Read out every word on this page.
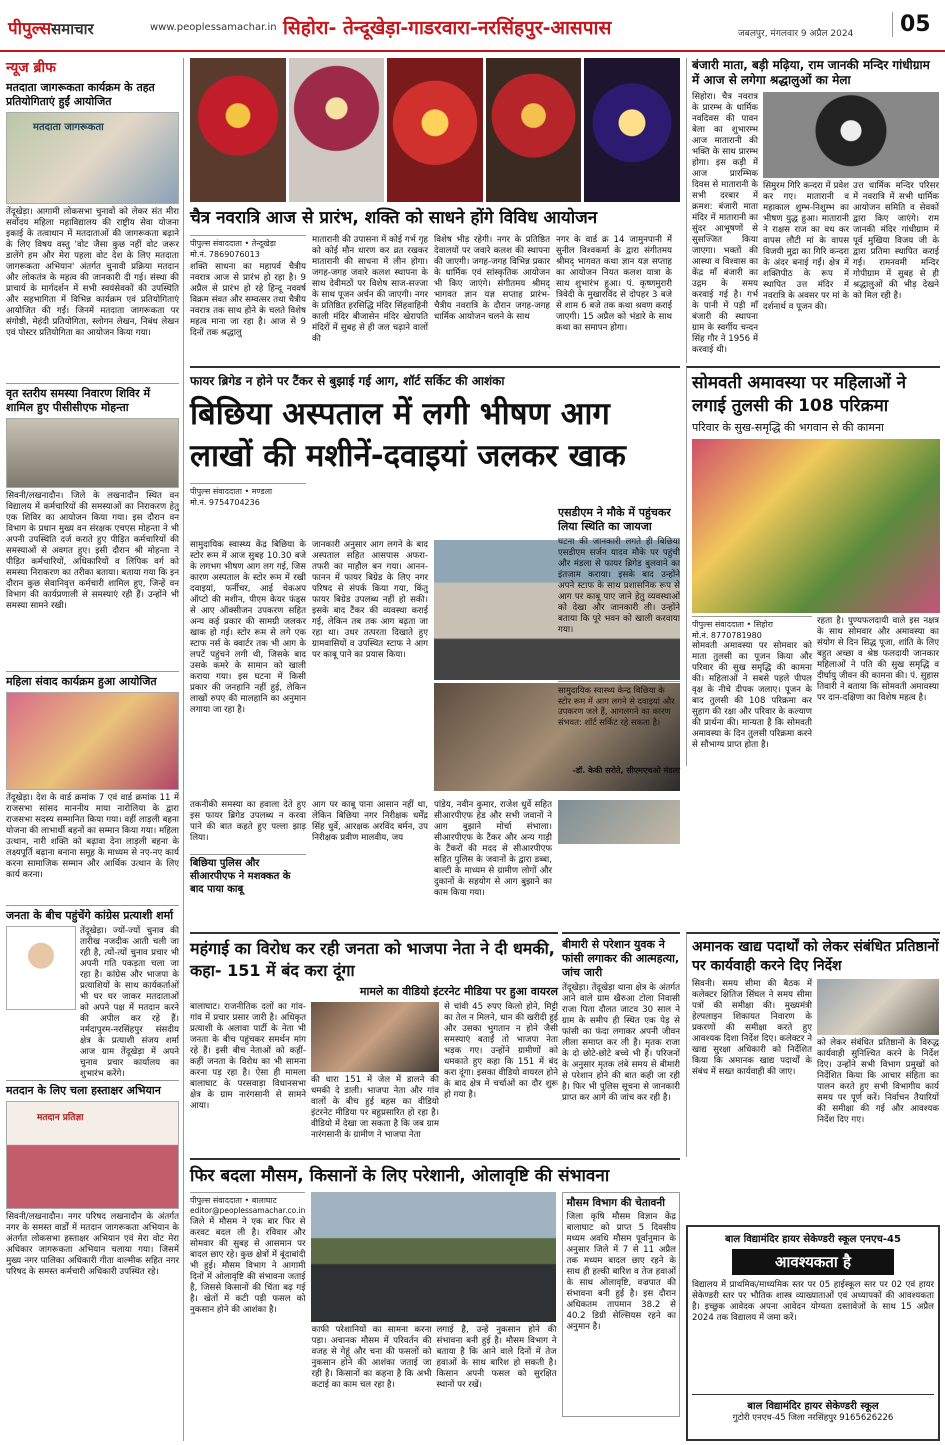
पीपुल्ससमाचार	www.peoplessamachar.in सिहोरा- तेन्दूखेड़ा-गाडरवारा-नरसिंहपुर-आसपास	जबलपुर, मंगलवार 9 अप्रैल 2024	05
न्यूज ब्रीफ
मतदाता जागरूकता कार्यक्रम के तहत प्रतियोगिताएं हुईं आयोजित
मतदाता जागरूकता

तेंदूखेड़ा। आगामी लोकसभा चुनावों को लेकर संत मीरा सर्वोदय महिला महाविद्यालय की राष्ट्रीय सेवा योजना इकाई के तत्वाधान में मतदाताओं की जागरूकता बढ़ाने के लिए विषय वस्तु 'वोट जैसा कुछ नहीं वोट जरूर डालेंगे हम और मेरा पहला वोट देश के लिए मतदाता जागरूकता अभियान' अंतर्गत चुनावी प्रक्रिया मतदान और लोकतंत्र के महत्व की जानकारी दी गई। संस्था की प्राचार्य के मार्गदर्शन में सभी स्वयंसेवकों की उपस्थिति और सहभागिता में विभिन्न कार्यक्रम एवं प्रतियोगिताएं आयोजित की गईं। जिनमें मतदाता जागरूकता पर संगोष्ठी, मेहंदी प्रतियोगिता, स्लोगन लेखन, निबंध लेखन एवं पोस्टर प्रतियोगिता का आयोजन किया गया।

वृत स्तरीय समस्या निवारण शिविर में शामिल हुए पीसीसीएफ मोहन्ता

सिवनी/लखनादौन। जिले के लखनादौन स्थित वन विद्यालय में कर्मचारियों की समस्याओं का निराकरण हेतु एक शिविर का आयोजन किया गया। इस दौरान वन विभाग के प्रधान मुख्य वन संरक्षक एचएस मोहन्ता ने भी अपनी उपस्थिति दर्ज कराते हुए पीड़ित कर्मचारियों की समस्याओं से अवगत हुए। इसी दौरान श्री मोहन्ता ने पीड़ित कर्मचारियों, अधिकारियों व लिपिक वर्ग को समस्या निराकरण का तरीका बताया। बताया गया कि इन दौरान कुछ सेवानिवृत्त कर्मचारी शामिल हुए, जिन्हें वन विभाग की कार्यप्रणाली से समस्याएं रही हैं। उन्होंने भी समस्या सामने रखी।

महिला संवाद कार्यक्रम हुआ आयोजित

तेंदूखेड़ा। देश के वार्ड क्रमांक 7 एवं वार्ड क्रमांक 11 में राजसभा सांसद माननीय माया नारोलिया के द्वारा राजसभा सदस्य सम्मानित किया गया। वहीं लाड़ली बहना योजना की लाभार्थी बहनों का सम्मान किया गया। महिला उत्थान, नारी शक्ति को बढ़ावा देना लाड़ली बहना के लक्ष्यपूर्ति बढ़ाना बनाना समूह के माध्यम से नए-नए कार्य करना सामाजिक सम्मान और आर्थिक उत्थान के लिए कार्य करना।

जनता के बीच पहुंचेंगे कांग्रेस प्रत्याशी शर्मा

तेंदूखेड़ा। ज्यों-ज्यों चुनाव की तारीख नजदीक आती चली जा रही है, त्यों-त्यों चुनाव प्रचार भी अपनी गति पकड़ता चला जा रहा है। कांग्रेस और भाजपा के प्रत्याशियों के साथ कार्यकर्ताओं भी घर घर जाकर मतदाताओं को अपने पक्ष में मतदान करने की अपील कर रहे हैं। नर्मदापुरम-नरसिंहपुर संसदीय क्षेत्र के प्रत्याशी संजय शर्मा आज ग्राम तेंदूखेड़ा में अपने चुनाव प्रचार कार्यालय का शुभारंभ करेंगे।

मतदान के लिए चला हस्ताक्षर अभियान
मतदान प्रतिज्ञा

सिवनी/लखनादौन। नगर परिषद लखनादौन के अंतर्गत नगर के समस्त वार्डों में मतदान जागरूकता अभियान के अंतर्गत लोकसभा हस्ताक्षर अभियान एवं मेरा वोट मेरा अधिकार जागरूकता अभियान चलाया गया। जिसमें मुख्य नगर पालिका अधिकारी गीता वाल्मीक सहित नगर परिषद के समस्त कर्मचारी अधिकारी उपस्थित रहे।

चैत्र नवरात्रि आज से प्रारंभ, शक्ति को साधने होंगे विविध आयोजन
पीपुल्स संवाददाता • तेन्दूखेड़ा
मो.नं. 7869076013

शक्ति साधना का महापर्व चैत्रीय नवरात्र आज से प्रारंभ हो रहा है। 9 अप्रैल से प्रारंभ हो रहे हिन्दू नववर्ष विक्रम संवत और सम्वत्सर तथा चैत्रीय नवरात्र तक साथ होने के चलते विशेष महत्व माना जा रहा है। आज से 9 दिनों तक श्रद्धालु

मातारानी की उपासना में कोई गर्भ गृह को कोई मौन धारण कर व्रत रखकर मातारानी की साधना में लीन होगा। जगह-जगह जवारे कलश स्थापना के साथ देवीमठों पर विशेष साज-सज्जा के साथ पूजन अर्चन की जाएगी। नगर के प्रतिष्ठित हरसिद्धि मंदिर सिंहवाहिनी काली मंदिर बीजासेन मंदिर खेरापति मंदिरों में सुबह से ही जल चढ़ाने वालों की

विशेष भीड़ रहेगी। नगर के प्रतिष्ठित देवालयों पर जवारे कलश की स्थापना की जाएगी। जगह-जगह विभिन्न प्रकार के धार्मिक एवं सांस्कृतिक आयोजन भी किए जाएंगे। संगीतमय श्रीमद् भागवत ज्ञान यज्ञ सप्ताह प्रारंभ- चैत्रीय नवरात्रि के दौरान जगह-जगह धार्मिक आयोजन चलने के साथ

नगर के वार्ड क्र 14 जामुनपानी में सुनील विश्वकर्मा के द्वारा संगीतमय श्रीमद् भागवत कथा ज्ञान यज्ञ सप्ताह का आयोजन नियत कलश यात्रा के साथ शुभारंभ हुआ। पं. कृष्णमुरारी त्रिवेदी के मुखारविंद से दोपहर 3 बजे से शाम 6 बजे तक कथा श्रवण कराई जाएगी। 15 अप्रैल को भंडारे के साथ कथा का समापन होगा।

बंजारी माता, बड़ी मढ़िया, राम जानकी मन्दिर गांधीग्राम में आज से लगेगा श्रद्धालुओं का मेला

सिहोरा। चैत्र नवरात्र के प्रारम्भ के धार्मिक नवदिवस की पावन बेला का शुभारम्भ आज मातारानी की भक्ति के साथ प्रारम्भ होगा। इस कड़ी में आज प्रारम्भिक दिवस से मातारानी के सभी दरबार में क्रमश: बंजारी माता मंदिर में मातारानी का सुंदर आभूषणों से सुसज्जित किया जाएगा। भक्तों की आस्था व विश्वास का केंद्र माँ बंजारी का उद्गम के समय करवाई गई है। गर्भ के पानी में पड़ी माँ बंजारी की स्थापना ग्राम के स्वर्गीय चन्दन सिंह गौर ने 1956 में करवाई थी।

सिमुरम गिरि कन्दरा में प्रवेश कर गए। मातारानी व महाकाल शुम्भ-निशुम्भ का भीषण युद्ध हुआ। मातारानी ने राक्षस राज का वध कर वापस लौटी मां के वापस विजयी मुद्रा का गिरि कन्दरा के अंदर बनाई गईं। क्षेत्र में शक्तिपीठ के रूप में स्थापित उत्त मंदिर में नवरात्रि के अवसर पर मां के दर्शनार्थ व पूजन की।

उत्त धार्मिक मन्दिर परिसर में नवरात्रि में सभी धार्मिक आयोजन समिति व सेवकों द्वारा किए जाएंगे। राम जानकी मंदिर गांधीग्राम में पूर्व मुखिया विजय जी के द्वारा प्रतिमा स्थापित कराई गई। रामनवमी मन्दिर गोपीग्राम में सुबह से ही श्रद्धालुओं की भीड़ देखने को मिल रही है।

फायर ब्रिगेड न होने पर टैंकर से बुझाई गई आग, शॉर्ट सर्किट की आशंका
बिछिया अस्पताल में लगी भीषण आग
लाखों की मशीनें-दवाइयां जलकर खाक
पीपुल्स संवाददाता • मण्डला
मो.नं. 9754704236

सामुदायिक स्वास्थ्य केंद्र बिछिया के स्टोर रूम में आज सुबह 10.30 बजे के लगभग भीषण आग लग गई, जिस कारण अस्पताल के स्टोर रूम में रखी दवाइयां, फर्नीचर, आई चेकअप ऑप्टो की मशीन, पीएम केयर फंड्स से आए ऑक्सीजन उपकरण सहित अन्य कई प्रकार की सामग्री जलकर खाक हो गई। स्टोर रूम से लगे एक स्टाफ नर्स के क्वार्टर तक भी आग के लपटें पहुंचने लगी थी, जिसके बाद उसके कमरे के सामान को खाली कराया गया। इस घटना में किसी प्रकार की जनहानि नहीं हुई, लेकिन लाखों रुपए की मालहानि का अनुमान लगाया जा रहा है।

जानकारी अनुसार आग लगने के बाद अस्पताल सहित आसपास अफरा-तफरी का माहौल बन गया। आनन-फानन में फायर बिग्रेड के लिए नगर परिषद से संपर्क किया गया, किंतु फायर बिग्रेड उपलब्ध नहीं हो सकी। इसके बाद टैंकर की व्यवस्था कराई गई, लेकिन तब तक आग बढ़ता जा रहा था। उधर तत्परता दिखाते हुए ग्रामवासियों व उपस्थित स्टाफ ने आग पर काबू पाने का प्रयास किया।

तकनीकी समस्या का हवाला देते हुए इस फायर ब्रिगेड उपलब्ध न करवा पाने की बात कहते हुए पल्ला झाड़ लिया।

बिछिया पुलिस और सीआरपीएफ ने मशक्कत के बाद पाया काबू

आग पर काबू पाना आसान नहीं था, लेकिन बिछिया नगर निरीक्षक धर्मेंद्र सिंह धुर्वे, आरक्षक अरविंद बर्मन, उप निरीक्षक प्रवीण मालवीय, जय

पांडेय, नवीन कुमार, राजेश धुर्वे सहित सीआरपीएफ हेड और सभी जवानों ने आग बुझाने मोर्चा संभाला। सीआरपीएफ के टैंकर और अन्य गाड़ी के टैंकरों की मदद से सीआरपीएफ सहित पुलिस के जवानों के द्वारा डब्बा, बाल्टी के माध्यम से ग्रामीण लोगों और दुकानों के सहयोग से आग बुझाने का काम किया गया।

एसडीएम ने मौके में पहुंचकर लिया स्थिति का जायजा

घटना की जानकारी लगते ही बिछिया एसडीएम सर्जन यादव मौके पर पहुंची और मंडला से फायर ब्रिगेड बुलवाने का इंतजाम कराया। इसके बाद उन्होंने अपने स्टाफ के साथ प्रशासनिक रूप से आग पर काबू पाए जाने हेतु व्यवस्थाओं को देखा और जानकारी ली। उन्होंने बताया कि पूरे भवन को खाली करवाया गया।

सामुदायिक स्वास्थ्य केन्द्र बिछिया के स्टोर रूम में आग लगने से दवाइयां और उपकरण जले हैं, आगलगने का कारण संभवत: शॉर्ट सर्किट रहे सकता है।

-डॉ. केकी सरोते, सीएमएचओ मंडला
सोमवती अमावस्या पर महिलाओं ने लगाई तुलसी की 108 परिक्रमा
परिवार के सुख-समृद्धि की भगवान से की कामना
पीपुल्स संवाददाता • सिहोरा
मो.नं. 8770781980

सोमवती अमावस्या पर सोमवार को माता तुलसी का पूजन किया और परिवार की सुख समृद्धि की कामना की। महिलाओं ने सबसे पहले पीपल वृक्ष के नीचे दीपक जलाए। पूजन के बाद तुलसी की 108 परिक्रमा कर सुहाग की रक्षा और परिवार के कल्याण की प्रार्थना की। मान्यता है कि सोमवती अमावस्या के दिन तुलसी परिक्रमा करने से सौभाग्य प्राप्त होता है।

रहता है। पुण्यफलदायी वाले इस नक्षत्र के साथ सोमवार और अमावस्या का संयोग से दिन सिद्ध पूजा, शांति के लिए बहुत अच्छा व श्रेष्ठ फलदायी जानकार महिलाओं ने पति की सुख समृद्धि व दीर्घायु जीवन की कामना की। पं. सुहास तिवारी ने बताया कि सोमवती अमावस्या पर दान-दक्षिणा का विशेष महत्व है।

महंगाई का विरोध कर रही जनता को भाजपा नेता ने दी धमकी, कहा- 151 में बंद करा दूंगा
मामले का वीडियो इंटरनेट मीडिया पर हुआ वायरल

बालाघाट। राजनीतिक दलों का गांव-गांव में प्रचार प्रसार जारी है। अधिकृत प्रत्याशी के अलावा पार्टी के नेता भी जनता के बीच पहुंचकर समर्थन मांग रहे हैं। इसी बीच नेताओं को कहीं-कहीं जनता के विरोध का भी सामना करना पड़ रहा है। ऐसा ही मामला बालाघाट के परसवाड़ा विधानसभा क्षेत्र के ग्राम नारंगसानी से सामने आया।

की धारा 151 में जेल में डालने की धमकी दे डाली। भाजपा नेता और गांव वालों के बीच हुई बहस का वीडियो इंटरनेट मीडिया पर बहुप्रसारित हो रहा है। वीडियो में देखा जा सकता है कि जब ग्राम नारंगसानी के ग्रामीण ने भाजपा नेता

से चांवी 45 रुपए किलो होने, मिट्टी का तेल न मिलने, धान की खरीदी हुई और उसका भुगतान न होने जैसी समस्याएं बताईं तो भाजपा नेता भड़क गए। उन्होंने ग्रामीणों को धमकाते हुए कहा कि 151 में बंद करा दूंगा। इसका वीडियो वायरल होने के बाद क्षेत्र में चर्चाओं का दौर शुरू हो गया है।

बीमारी से परेशान युवक ने फांसी लगाकर की आत्महत्या, जांच जारी

तेंदूखेड़ा। तेंदूखेड़ा थाना क्षेत्र के अंतर्गत आने वाले ग्राम खैरुआ टोला निवासी राजा पिता दौलत जाटव 30 साल ने ग्राम के समीप ही स्थित एक पेड़ से फांसी का फंदा लगाकर अपनी जीवन लीला समाप्त कर ली है। मृतक राजा के दो छोटे-छोटे बच्चे भी हैं। परिजनों के अनुसार मृतक लंबे समय से बीमारी से परेशान होने की बात कही जा रही है। फिर भी पुलिस सूचना से जानकारी प्राप्त कर आगे की जांच कर रही है।

अमानक खाद्य पदार्थों को लेकर संबंधित प्रतिष्ठानों पर कार्यवाही करने दिए निर्देश

सिवनी। समय सीमा की बैठक में कलेक्टर क्षितिज सिंघल ने समय सीमा पत्रों की समीक्षा की। मुख्यमंत्री हेल्पलाइन शिकायत निवारण के प्रकरणों की समीक्षा करते हुए आवश्यक दिशा निर्देश दिए। कलेक्टर ने खाद्य सुरक्षा अधिकारी को निर्देशित किया कि अमानक खाद्य पदार्थों के संबंध में सख्त कार्यवाही की जाए।

को लेकर संबंधित प्रतिष्ठानों के विरुद्ध कार्यवाही सुनिश्चित करने के निर्देश दिए। उन्होंने सभी विभाग प्रमुखों को निर्देशित किया कि आचार संहिता का पालन करते हुए सभी विभागीय कार्य समय पर पूर्ण करें। निर्वाचन तैयारियों की समीक्षा की गई और आवश्यक निर्देश दिए गए।

फिर बदला मौसम, किसानों के लिए परेशानी, ओलावृष्टि की संभावना
पीपुल्स संवाददाता • बालाघाट
editor@peoplessamachar.co.in

जिले में मौसम ने एक बार फिर से करवट बदल ली है। रविवार और सोमवार की सुबह से आसमान पर बादल छाए रहे। कुछ क्षेत्रों में बूंदाबांदी भी हुई। मौसम विभाग ने आगामी दिनों में ओलावृष्टि की संभावना जताई है, जिससे किसानों की चिंता बढ़ गई है। खेतों में कटी पड़ी फसल को नुकसान होने की आशंका है।

काफी परेशानियों का सामना करना पड़ा। अचानक मौसम में परिवर्तन की वजह से गेहूं और चना की फसलों को नुकसान होने की आशंका जताई जा रही है। किसानों का कहना है कि अभी कटाई का काम चल रहा है।

लगाई है, उन्हें नुकसान होने की संभावना बनी हुई है। मौसम विभाग ने बताया है कि आने वाले दिनों में तेज हवाओं के साथ बारिश हो सकती है। किसान अपनी फसल को सुरक्षित स्थानों पर रखें।

मौसम विभाग की चेतावनी

जिला कृषि मौसम विज्ञान केंद्र बालाघाट को प्राप्त 5 दिवसीय मध्यम अवधि मौसम पूर्वानुमान के अनुसार जिले में 7 से 11 अप्रैल तक मध्यम बादल छाए रहने के साथ ही हल्की बारिश व तेज हवाओं के साथ ओलावृष्टि, वज्रपात की संभावना बनी हुई है। इस दौरान अधिकतम तापमान 38.2 से 40.2 डिग्री सेल्सियस रहने का अनुमान है।

बाल विद्यामंदिर हायर सेकेण्डरी स्कूल एनएच-45
आवश्यकता है

विद्यालय में प्राथमिक/माध्यमिक स्तर पर 05 हाईस्कूल स्तर पर 02 एवं हायर सेकेण्डरी स्तर पर भौतिक शास्त्र व्याख्याताओं एवं अध्यापकों की आवश्यकता है। इच्छुक आवेदक अपना आवेदन योग्यता दस्तावेजों के साथ 15 अप्रैल 2024 तक विद्यालय में जमा करें।

बाल विद्यामंदिर हायर सेकेण्डरी स्कूल
गुटोरी एनएच-45 जिला नरसिंहपुर 9165626226
